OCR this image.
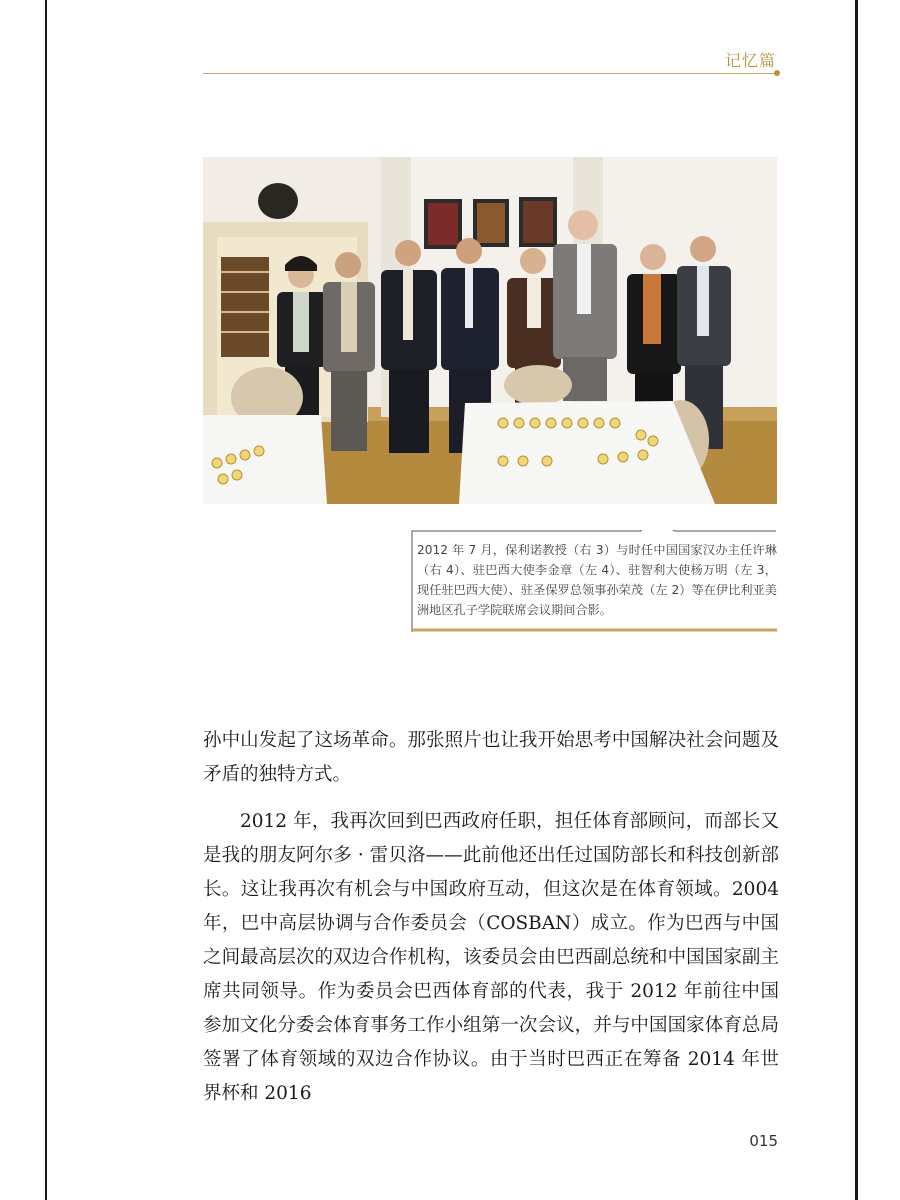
记忆篇
2012 年 7 月，保利诺教授（右 3）与时任中国国家汉办主任许琳（右 4）、驻巴西大使李金章（左 4）、驻智利大使杨万明（左 3，现任驻巴西大使）、驻圣保罗总领事孙荣茂（左 2）等在伊比利亚美洲地区孔子学院联席会议期间合影。

孙中山发起了这场革命。那张照片也让我开始思考中国解决社会问题及矛盾的独特方式。

2012 年，我再次回到巴西政府任职，担任体育部顾问，而部长又是我的朋友阿尔多 · 雷贝洛——此前他还出任过国防部长和科技创新部长。这让我再次有机会与中国政府互动，但这次是在体育领域。2004 年，巴中高层协调与合作委员会（COSBAN）成立。作为巴西与中国之间最高层次的双边合作机构，该委员会由巴西副总统和中国国家副主席共同领导。作为委员会巴西体育部的代表，我于 2012 年前往中国参加文化分委会体育事务工作小组第一次会议，并与中国国家体育总局签署了体育领域的双边合作协议。由于当时巴西正在筹备 2014 年世界杯和 2016

015
